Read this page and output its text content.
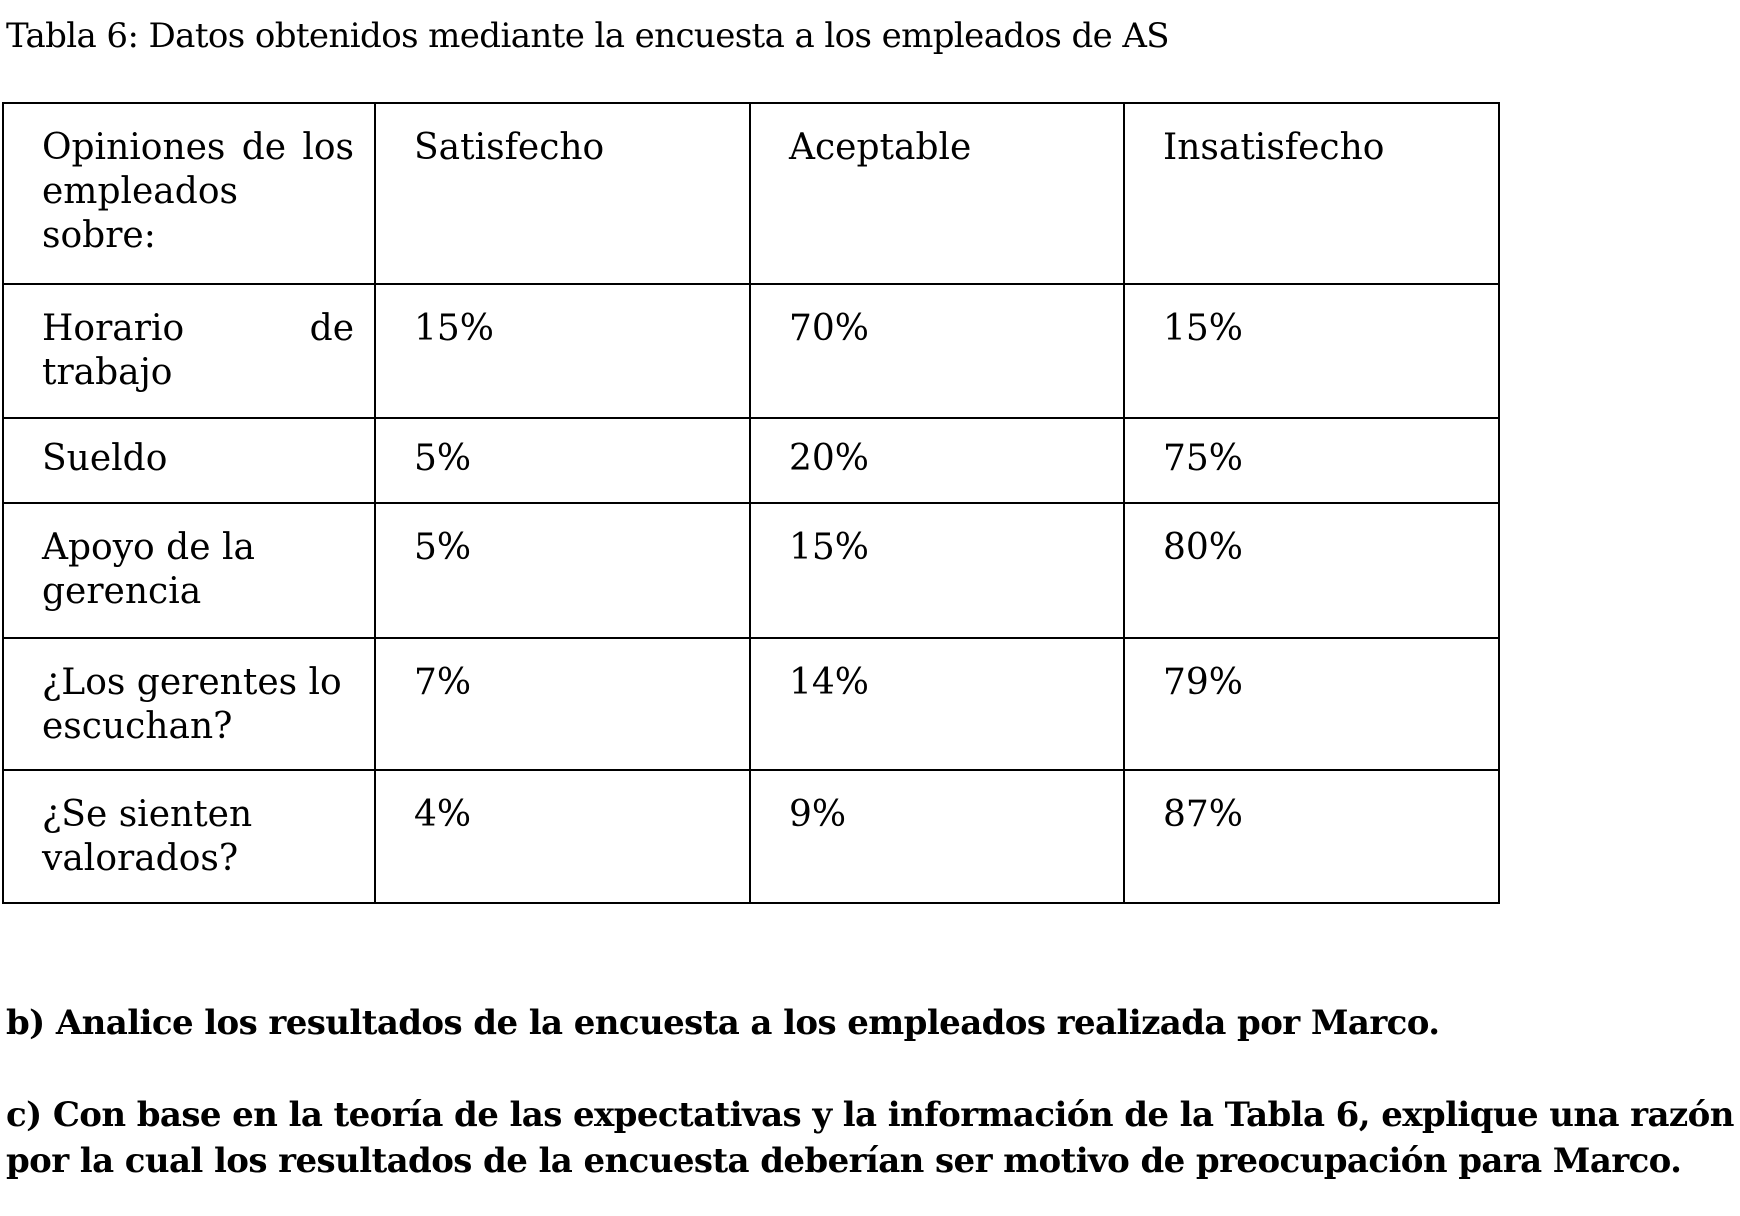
Tabla 6: Datos obtenidos mediante la encuesta a los empleados de AS
Opiniones de los empleados sobre:	Satisfecho	Aceptable	Insatisfecho
Horario de trabajo	15%	70%	15%
Sueldo	5%	20%	75%
Apoyo de la gerencia	5%	15%	80%
¿Los gerentes lo escuchan?	7%	14%	79%
¿Se sienten valorados?	4%	9%	87%
b) Analice los resultados de la encuesta a los empleados realizada por Marco.
c) Con base en la teoría de las expectativas y la información de la Tabla 6, explique una razón por la cual los resultados de la encuesta deberían ser motivo de preocupación para Marco.
